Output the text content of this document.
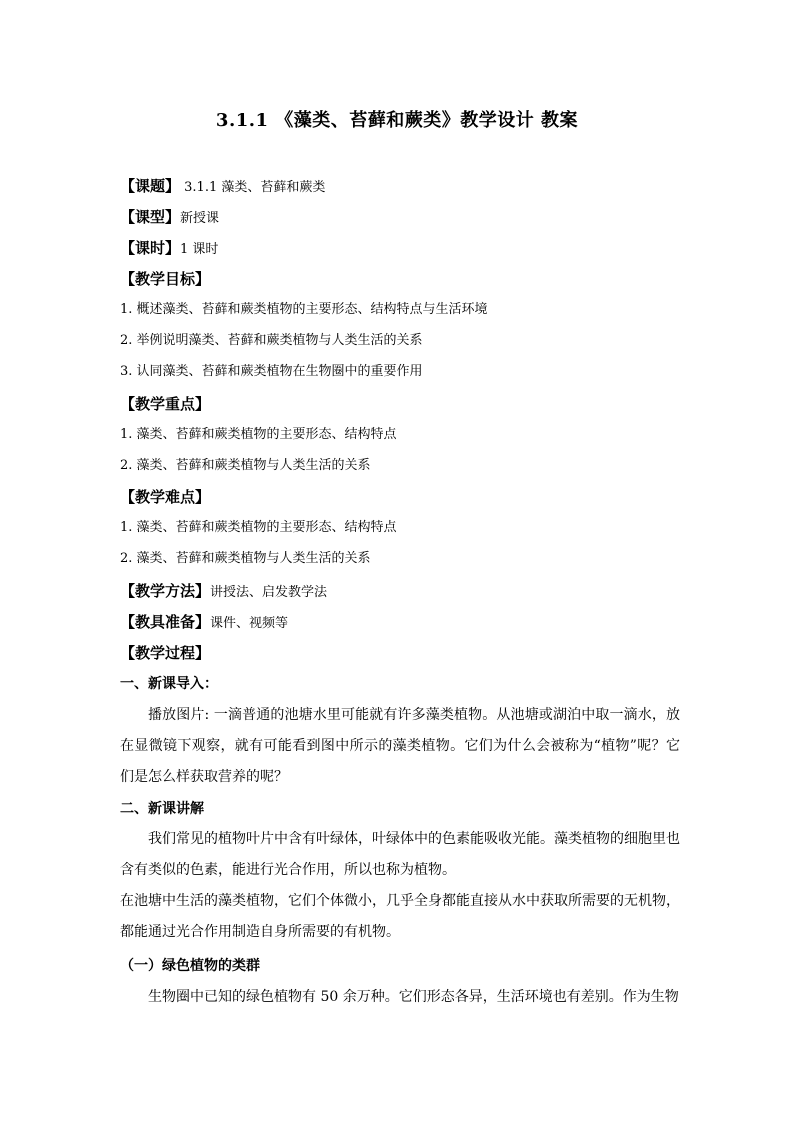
3.1.1 《藻类、苔藓和蕨类》教学设计 教案
【课题】 3.1.1 藻类、苔藓和蕨类
【课型】新授课
【课时】1 课时
【教学目标】
1. 概述藻类、苔藓和蕨类植物的主要形态、结构特点与生活环境
2. 举例说明藻类、苔藓和蕨类植物与人类生活的关系
3. 认同藻类、苔藓和蕨类植物在生物圈中的重要作用
【教学重点】
1. 藻类、苔藓和蕨类植物的主要形态、结构特点
2. 藻类、苔藓和蕨类植物与人类生活的关系
【教学难点】
1. 藻类、苔藓和蕨类植物的主要形态、结构特点
2. 藻类、苔藓和蕨类植物与人类生活的关系
【教学方法】讲授法、启发教学法
【教具准备】课件、视频等
【教学过程】
一、新课导入：
播放图片: 一滴普通的池塘水里可能就有许多藻类植物。从池塘或湖泊中取一滴水，放在显微镜下观察，就有可能看到图中所示的藻类植物。它们为什么会被称为“植物”呢？它们是怎么样获取营养的呢？
二、新课讲解
我们常见的植物叶片中含有叶绿体，叶绿体中的色素能吸收光能。藻类植物的细胞里也含有类似的色素，能进行光合作用，所以也称为植物。
在池塘中生活的藻类植物，它们个体微小，几乎全身都能直接从水中获取所需要的无机物，都能通过光合作用制造自身所需要的有机物。
（一）绿色植物的类群
生物圈中已知的绿色植物有 50 余万种。它们形态各异，生活环境也有差别。作为生物
